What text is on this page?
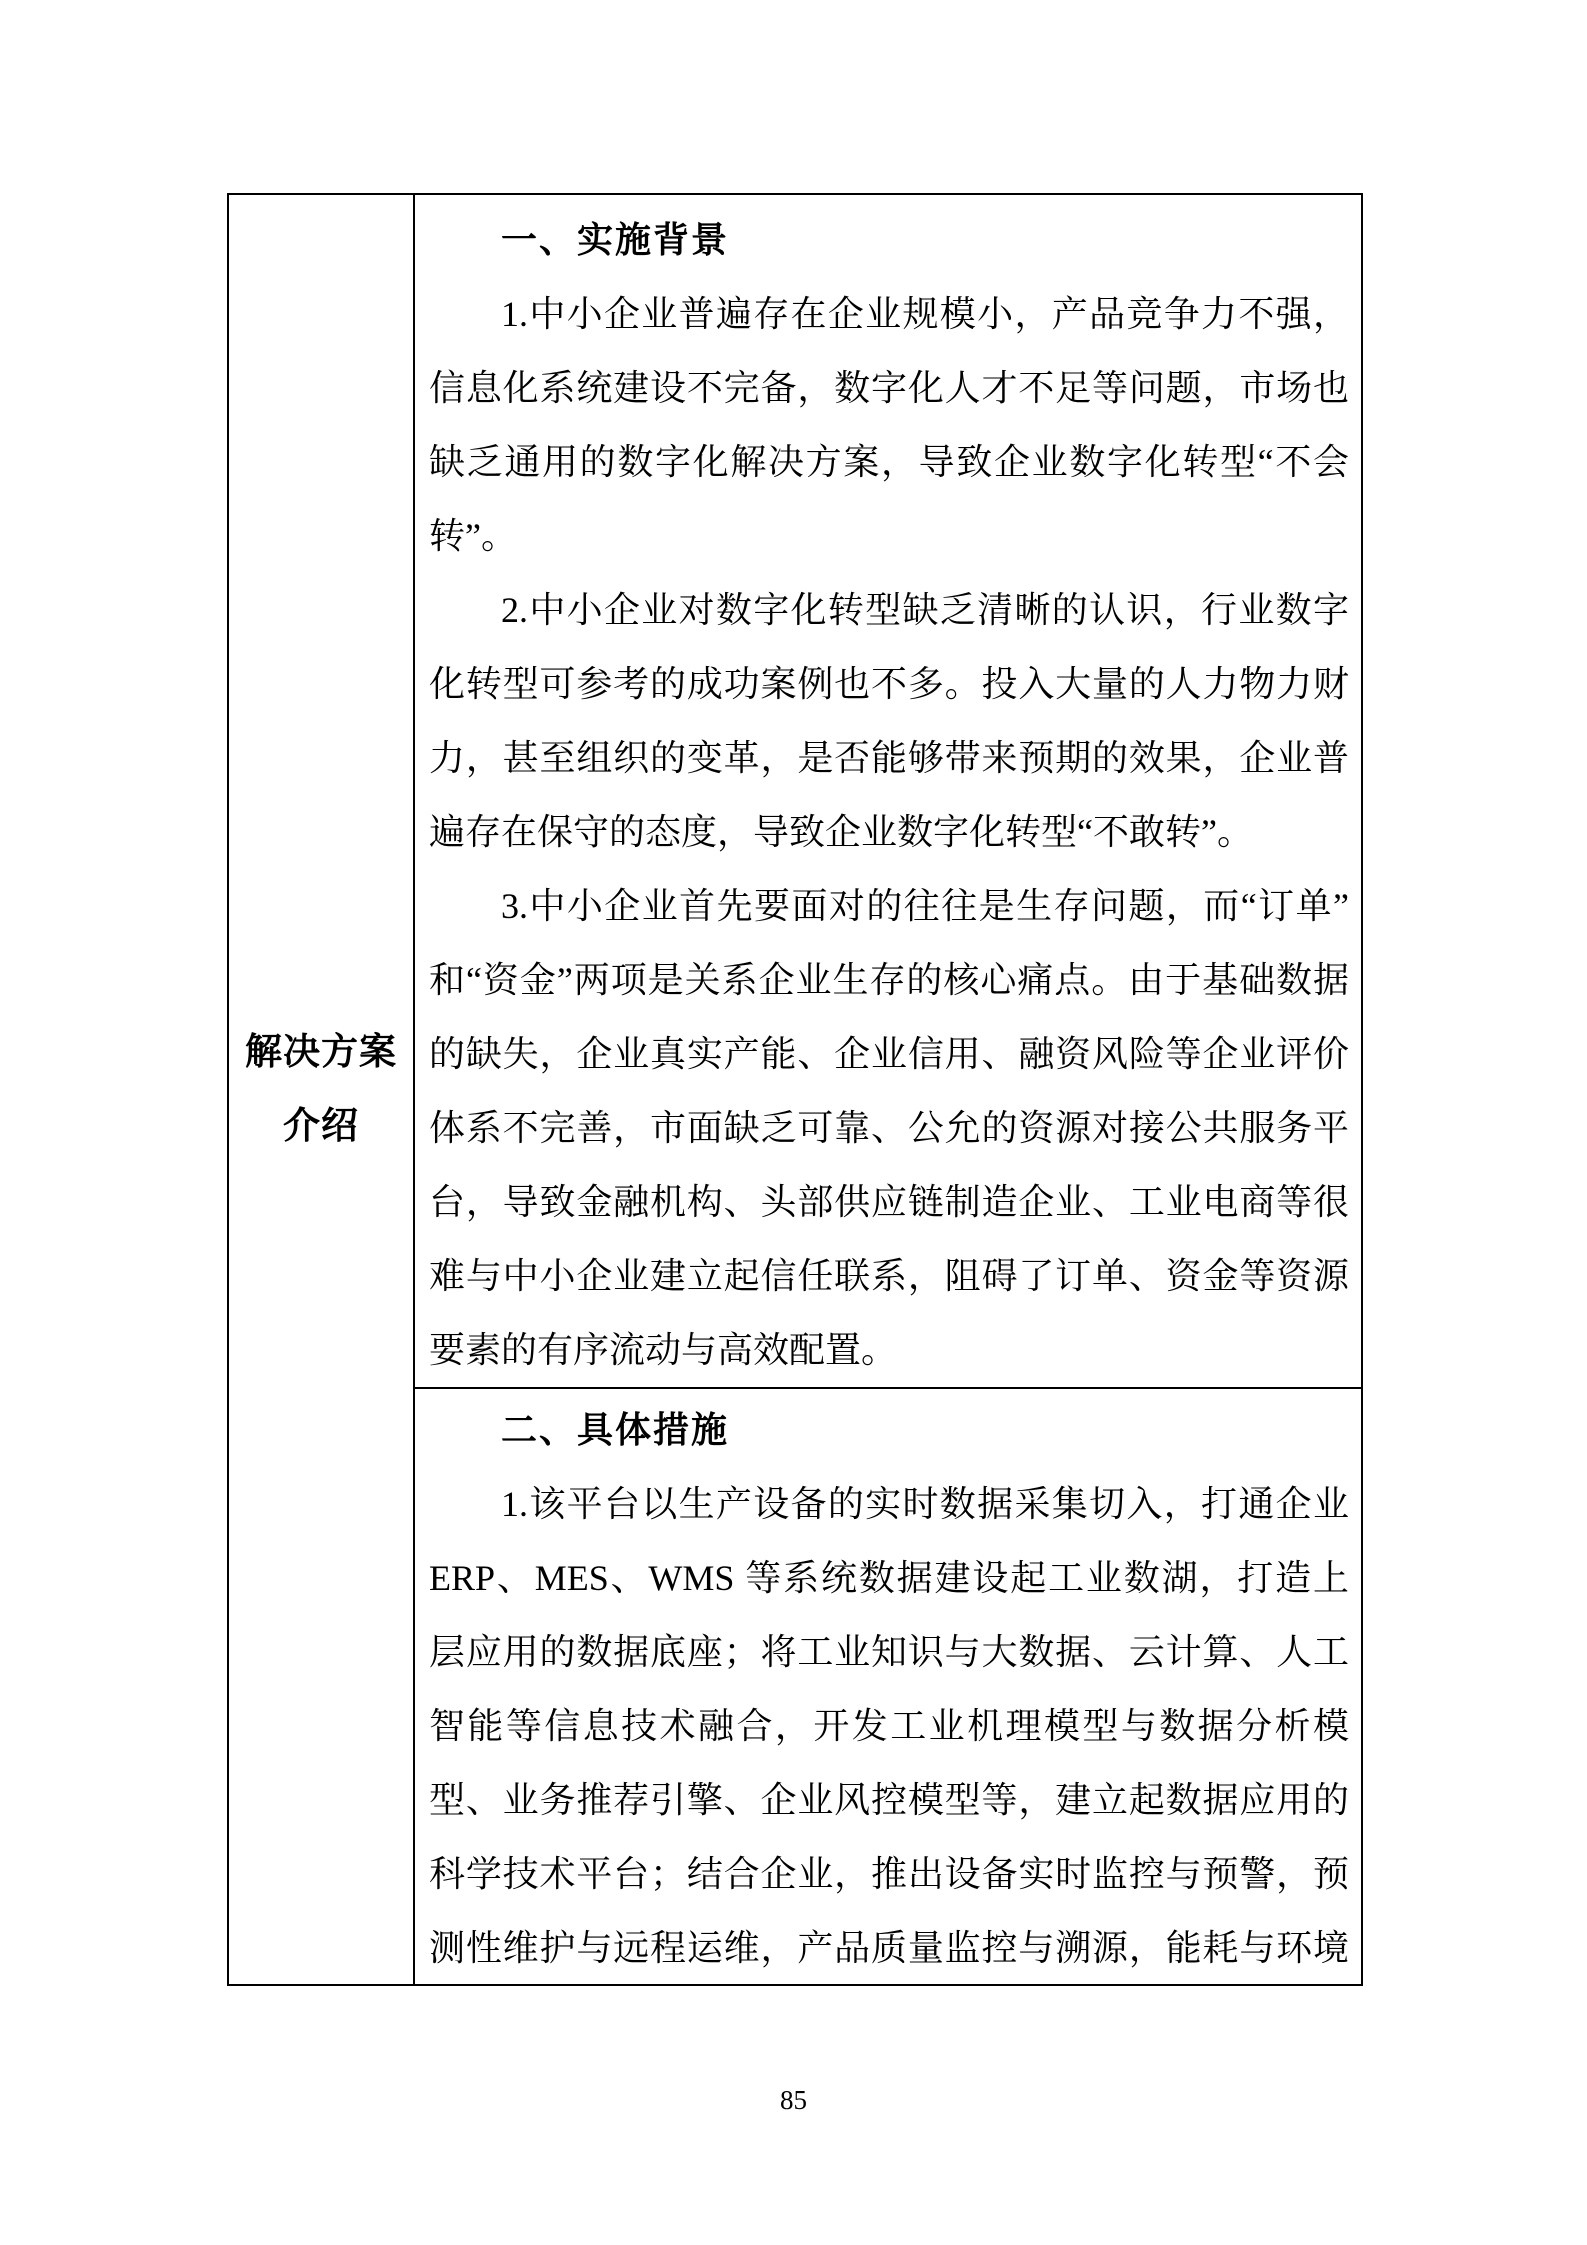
解决方案
介绍
一、实施背景
1.中小企业普遍存在企业规模小，产品竞争力不强，
信息化系统建设不完备，数字化人才不足等问题，市场也
缺乏通用的数字化解决方案，导致企业数字化转型“不会
转”。
2.中小企业对数字化转型缺乏清晰的认识，行业数字
化转型可参考的成功案例也不多。投入大量的人力物力财
力，甚至组织的变革，是否能够带来预期的效果，企业普
遍存在保守的态度，导致企业数字化转型“不敢转”。
3.中小企业首先要面对的往往是生存问题，而“订单”
和“资金”两项是关系企业生存的核心痛点。由于基础数据
的缺失，企业真实产能、企业信用、融资风险等企业评价
体系不完善，市面缺乏可靠、公允的资源对接公共服务平
台，导致金融机构、头部供应链制造企业、工业电商等很
难与中小企业建立起信任联系，阻碍了订单、资金等资源
要素的有序流动与高效配置。
二、具体措施
1.该平台以生产设备的实时数据采集切入，打通企业
ERP、MES、WMS 等系统数据建设起工业数湖，打造上
层应用的数据底座；将工业知识与大数据、云计算、人工
智能等信息技术融合，开发工业机理模型与数据分析模
型、业务推荐引擎、企业风控模型等，建立起数据应用的
科学技术平台；结合企业，推出设备实时监控与预警，预
测性维护与远程运维，产品质量监控与溯源，能耗与环境
85
